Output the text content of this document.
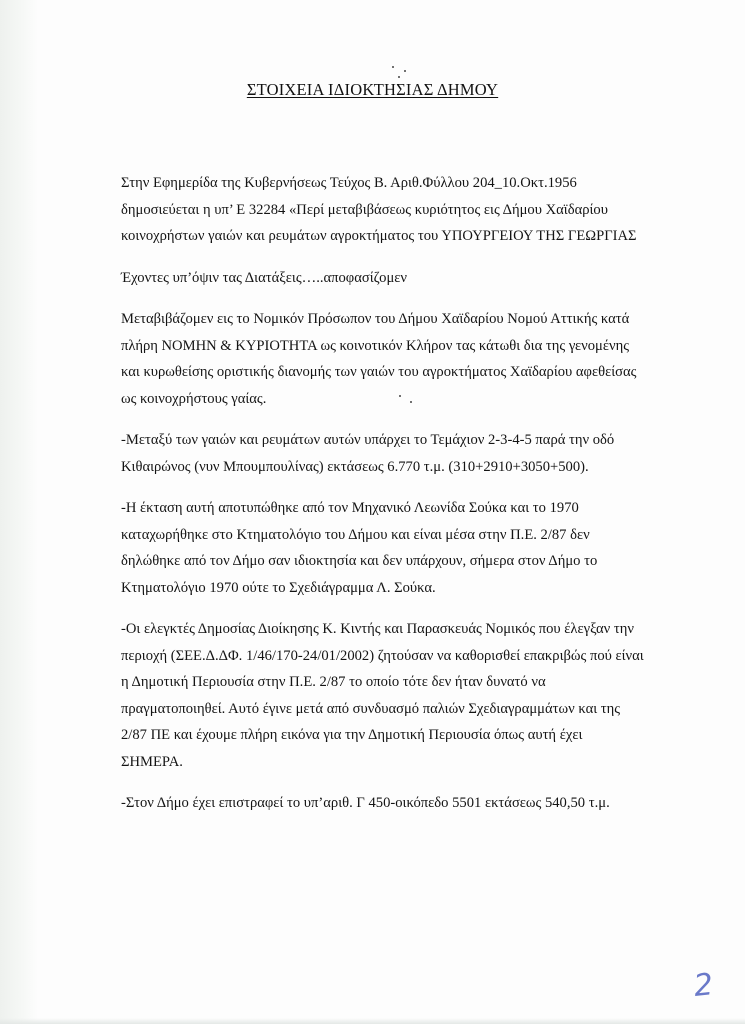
ΣΤΟΙΧΕΙΑ ΙΔΙΟΚΤΗΣΙΑΣ ΔΗΜΟΥ

Στην Εφημερίδα της Κυβερνήσεως Τεύχος Β. Αριθ.Φύλλου 204_10.Οκτ.1956
δημοσιεύεται η υπ’ Ε 32284 «Περί μεταβιβάσεως κυριότητος εις Δήμου Χαϊδαρίου
κοινοχρήστων γαιών και ρευμάτων αγροκτήματος του ΥΠΟΥΡΓΕΙΟΥ ΤΗΣ ΓΕΩΡΓΙΑΣ

Έχοντες υπ’όψιν τας Διατάξεις…..αποφασίζομεν

Μεταβιβάζομεν εις το Νομικόν Πρόσωπον του Δήμου Χαϊδαρίου Νομού Αττικής κατά
πλήρη ΝΟΜΗΝ & ΚΥΡΙΟΤΗΤΑ ως κοινοτικόν Κλήρον τας κάτωθι δια της γενομένης
και κυρωθείσης οριστικής διανομής των γαιών του αγροκτήματος Χαϊδαρίου αφεθείσας
ως κοινοχρήστους γαίας.

-Μεταξύ των γαιών και ρευμάτων αυτών υπάρχει το Τεμάχιον 2-3-4-5 παρά την οδό
Κιθαιρώνος (νυν Μπουμπουλίνας) εκτάσεως 6.770 τ.μ. (310+2910+3050+500).

-Η έκταση αυτή αποτυπώθηκε από τον Μηχανικό Λεωνίδα Σούκα και το 1970
καταχωρήθηκε στο Κτηματολόγιο του Δήμου και είναι μέσα στην Π.Ε. 2/87 δεν
δηλώθηκε από τον Δήμο σαν ιδιοκτησία και δεν υπάρχουν, σήμερα στον Δήμο το
Κτηματολόγιο 1970 ούτε το Σχεδιάγραμμα Λ. Σούκα.

-Οι ελεγκτές Δημοσίας Διοίκησης Κ. Κιντής και Παρασκευάς Νομικός που έλεγξαν την
περιοχή (ΣΕΕ.Δ.ΔΦ. 1/46/170-24/01/2002) ζητούσαν να καθορισθεί επακριβώς πού είναι
η Δημοτική Περιουσία στην Π.Ε. 2/87 το οποίο τότε δεν ήταν δυνατό να
πραγματοποιηθεί. Αυτό έγινε μετά από συνδυασμό παλιών Σχεδιαγραμμάτων και της
2/87 ΠΕ και έχουμε πλήρη εικόνα για την Δημοτική Περιουσία όπως αυτή έχει
ΣΗΜΕΡΑ.

-Στον Δήμο έχει επιστραφεί το υπ’αριθ. Γ 450-οικόπεδο 5501 εκτάσεως 540,50 τ.μ.

2
